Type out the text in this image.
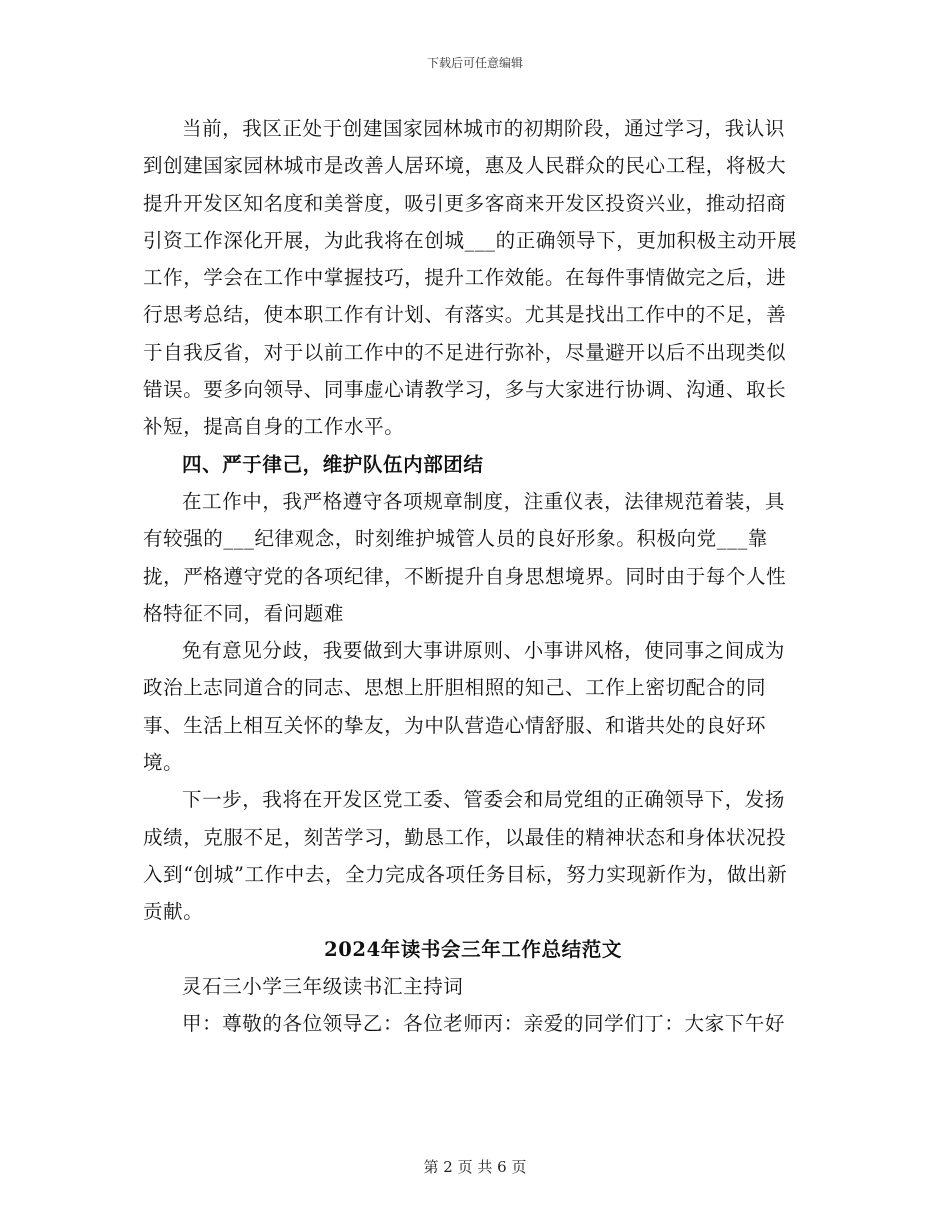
下载后可任意编辑

当前，我区正处于创建国家园林城市的初期阶段，通过学习，我认识到创建国家园林城市是改善人居环境，惠及人民群众的民心工程，将极大提升开发区知名度和美誉度，吸引更多客商来开发区投资兴业，推动招商引资工作深化开展，为此我将在创城___的正确领导下，更加积极主动开展工作，学会在工作中掌握技巧，提升工作效能。在每件事情做完之后，进行思考总结，使本职工作有计划、有落实。尤其是找出工作中的不足，善于自我反省，对于以前工作中的不足进行弥补，尽量避开以后不出现类似错误。要多向领导、同事虚心请教学习，多与大家进行协调、沟通、取长补短，提高自身的工作水平。

四、严于律己，维护队伍内部团结

在工作中，我严格遵守各项规章制度，注重仪表，法律规范着装，具有较强的___纪律观念，时刻维护城管人员的良好形象。积极向党___靠拢，严格遵守党的各项纪律，不断提升自身思想境界。同时由于每个人性格特征不同，看问题难

免有意见分歧，我要做到大事讲原则、小事讲风格，使同事之间成为政治上志同道合的同志、思想上肝胆相照的知己、工作上密切配合的同事、生活上相互关怀的挚友，为中队营造心情舒服、和谐共处的良好环境。

下一步，我将在开发区党工委、管委会和局党组的正确领导下，发扬成绩，克服不足，刻苦学习，勤恳工作，以最佳的精神状态和身体状况投入到“创城”工作中去，全力完成各项任务目标，努力实现新作为，做出新贡献。

2024年读书会三年工作总结范文

灵石三小学三年级读书汇主持词

甲：尊敬的各位领导乙：各位老师丙：亲爱的同学们丁：大家下午好

第 2 页 共 6 页
